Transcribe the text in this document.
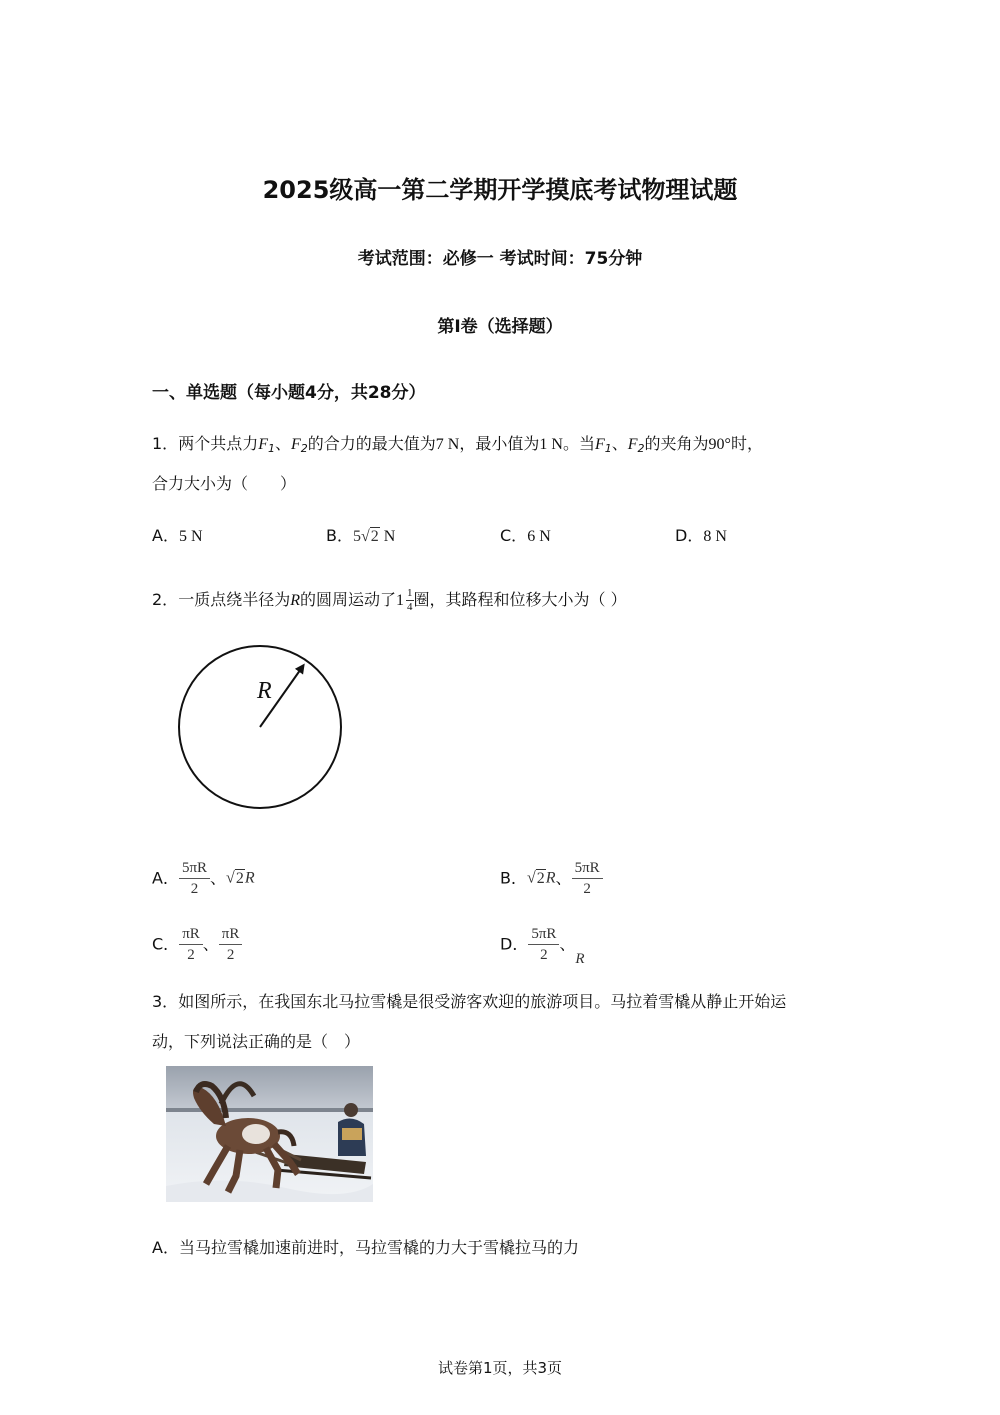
2025级高一第二学期开学摸底考试物理试题
考试范围：必修一 考试时间：75分钟
第Ⅰ卷（选择题）
一、单选题（每小题4分，共28分）
1．两个共点力$F_1$、$F_2$的合力的最大值为7 N，最小值为1 N。当$F_1$、$F_2$的夹角为90°时，
合力大小为（　　）
A．5 N	B．5√2 N	C．6 N	D．8 N
2．一质点绕半径为R的圆周运动了$1 \frac{1}{4}$圈，其路程和位移大小为（ ）
R
A． $\frac{5\pi R}{2}$ 、√2R	B．√2R、 $\frac{5\pi R}{2}$
C． $\frac{\pi R}{2}$ 、 $\frac{\pi R}{2}$	D． $\frac{5\pi R}{2}$ 、R
3．如图所示，在我国东北马拉雪橇是很受游客欢迎的旅游项目。马拉着雪橇从静止开始运
动，下列说法正确的是（　）
A．当马拉雪橇加速前进时，马拉雪橇的力大于雪橇拉马的力
试卷第1页，共3页
